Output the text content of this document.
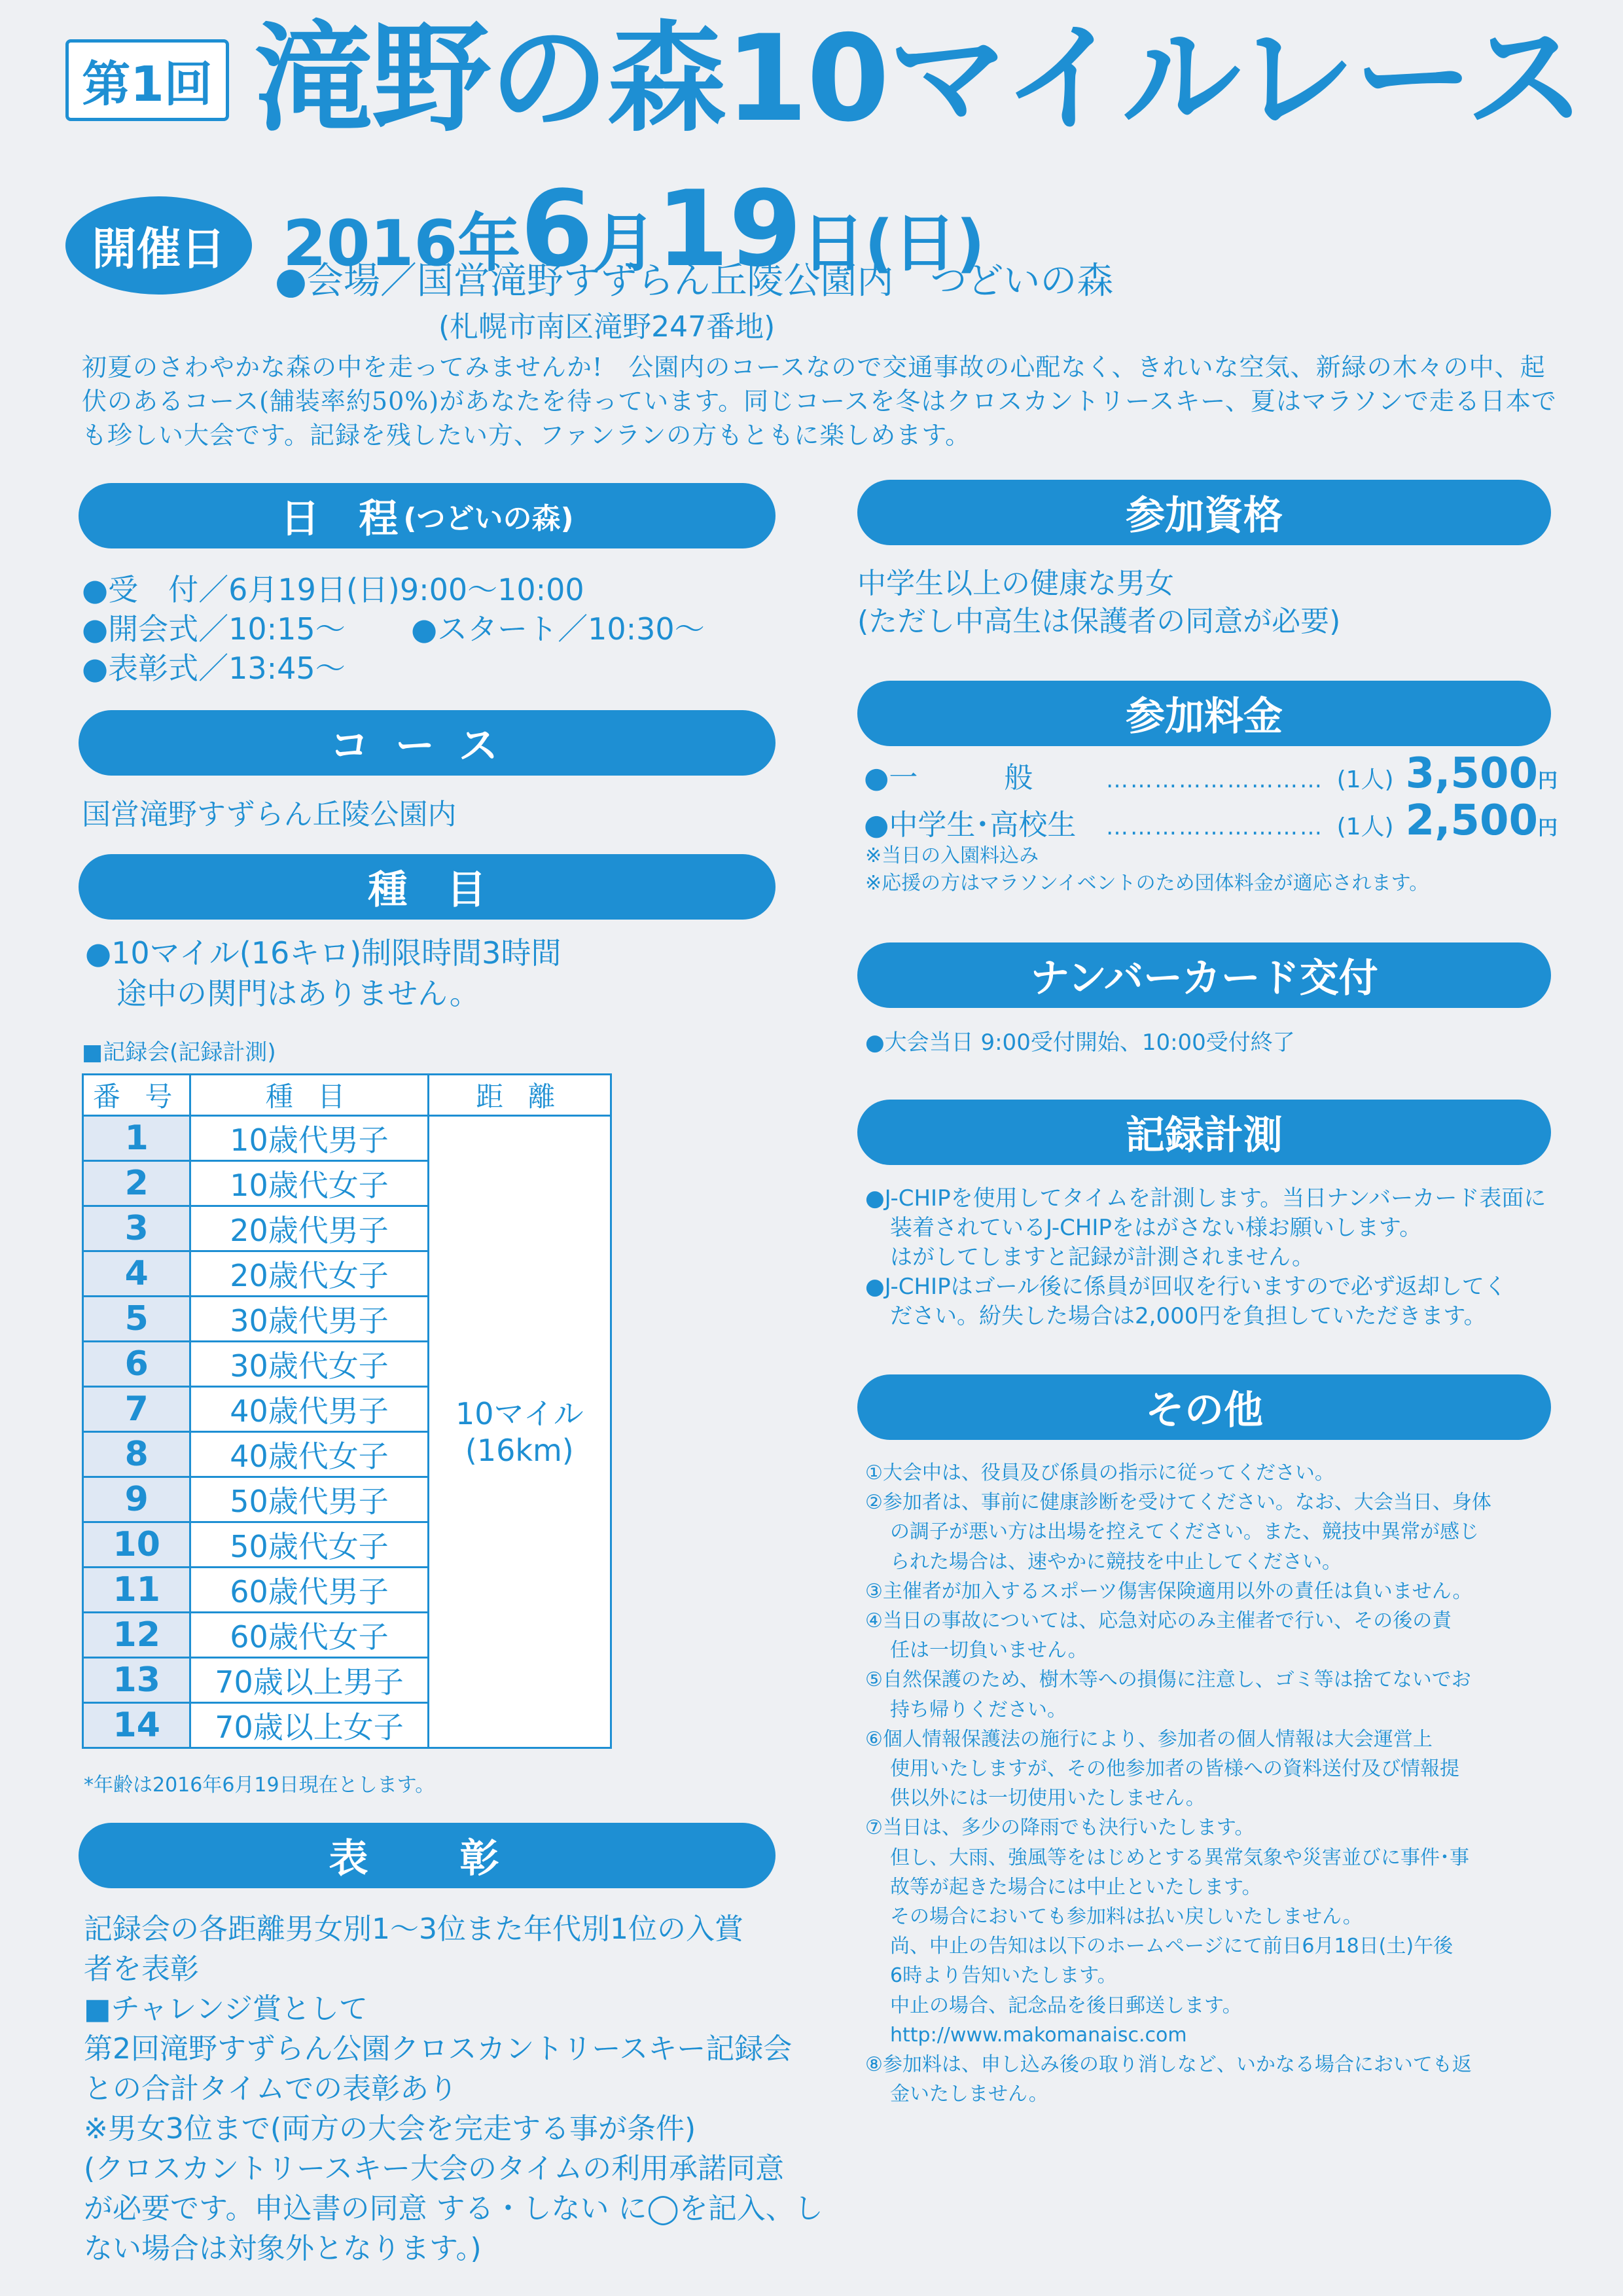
第1回 滝野の森10マイルレース
開催日 2016年6月19日(日)
●会場／国営滝野すずらん丘陵公園内　つどいの森
(札幌市南区滝野247番地)
初夏のさわやかな森の中を走ってみませんか!　公園内のコースなので交通事故の心配なく、きれいな空気、新緑の木々の中、起伏のあるコース(舗装率約50%)があなたを待っています。同じコースを冬はクロスカントリースキー、夏はマラソンで走る日本でも珍しい大会です。記録を残したい方、ファンランの方もともに楽しめます。
日　程 (つどいの森)
●受　付／6月19日(日)9:00～10:00
●開会式／10:15～ ●スタート／10:30～
●表彰式／13:45～
コース
国営滝野すずらん丘陵公園内
種　目
●10マイル(16キロ)制限時間3時間
途中の関門はありません。
■記録会(記録計測)
番 号	種 目	距 離
1	10歳代男子	10マイル(16km)
2	10歳代女子	
3	20歳代男子	
4	20歳代女子	
5	30歳代男子	
6	30歳代女子	
7	40歳代男子	
8	40歳代女子	
9	50歳代男子	
10	50歳代女子	
11	60歳代男子	
12	60歳代女子	
13	70歳以上男子	
14	70歳以上女子	
*年齢は2016年6月19日現在とします。
表　彰
記録会の各距離男女別1～3位また年代別1位の入賞
者を表彰
■チャレンジ賞として
第2回滝野すずらん公園クロスカントリースキー記録会
との合計タイムでの表彰あり
※男女3位まで(両方の大会を完走する事が条件)
(クロスカントリースキー大会のタイムの利用承諾同意
が必要です。申込書の同意 する・しない に◯を記入、し
ない場合は対象外となります。)
参加資格
中学生以上の健康な男女
(ただし中高生は保護者の同意が必要)
参加料金
●一　　　般	……………………… (1人) 3,500 円
●中学生･高校生	……………………… (1人) 2,500 円
※当日の入園料込み
※応援の方はマラソンイベントのため団体料金が適応されます。
ナンバーカード交付
●大会当日 9:00受付開始、10:00受付終了
記録計測
●J-CHIPを使用してタイムを計測します。当日ナンバーカード表面に
装着されているJ-CHIPをはがさない様お願いします。
はがしてしますと記録が計測されません。
●J-CHIPはゴール後に係員が回収を行いますので必ず返却してく
ださい。紛失した場合は2,000円を負担していただきます。
その他
①大会中は、役員及び係員の指示に従ってください。
②参加者は、事前に健康診断を受けてください。なお、大会当日、身体
の調子が悪い方は出場を控えてください。また、競技中異常が感じ
られた場合は、速やかに競技を中止してください。
③主催者が加入するスポーツ傷害保険適用以外の責任は負いません。
④当日の事故については、応急対応のみ主催者で行い、その後の責
任は一切負いません。
⑤自然保護のため、樹木等への損傷に注意し、ゴミ等は捨てないでお
持ち帰りください。
⑥個人情報保護法の施行により、参加者の個人情報は大会運営上
使用いたしますが、その他参加者の皆様への資料送付及び情報提
供以外には一切使用いたしません。
⑦当日は、多少の降雨でも決行いたします。
但し、大雨、強風等をはじめとする異常気象や災害並びに事件･事
故等が起きた場合には中止といたします。
その場合においても参加料は払い戻しいたしません。
尚、中止の告知は以下のホームページにて前日6月18日(土)午後
6時より告知いたします。
中止の場合、記念品を後日郵送します。
http://www.makomanaisc.com
⑧参加料は、申し込み後の取り消しなど、いかなる場合においても返
金いたしません。
